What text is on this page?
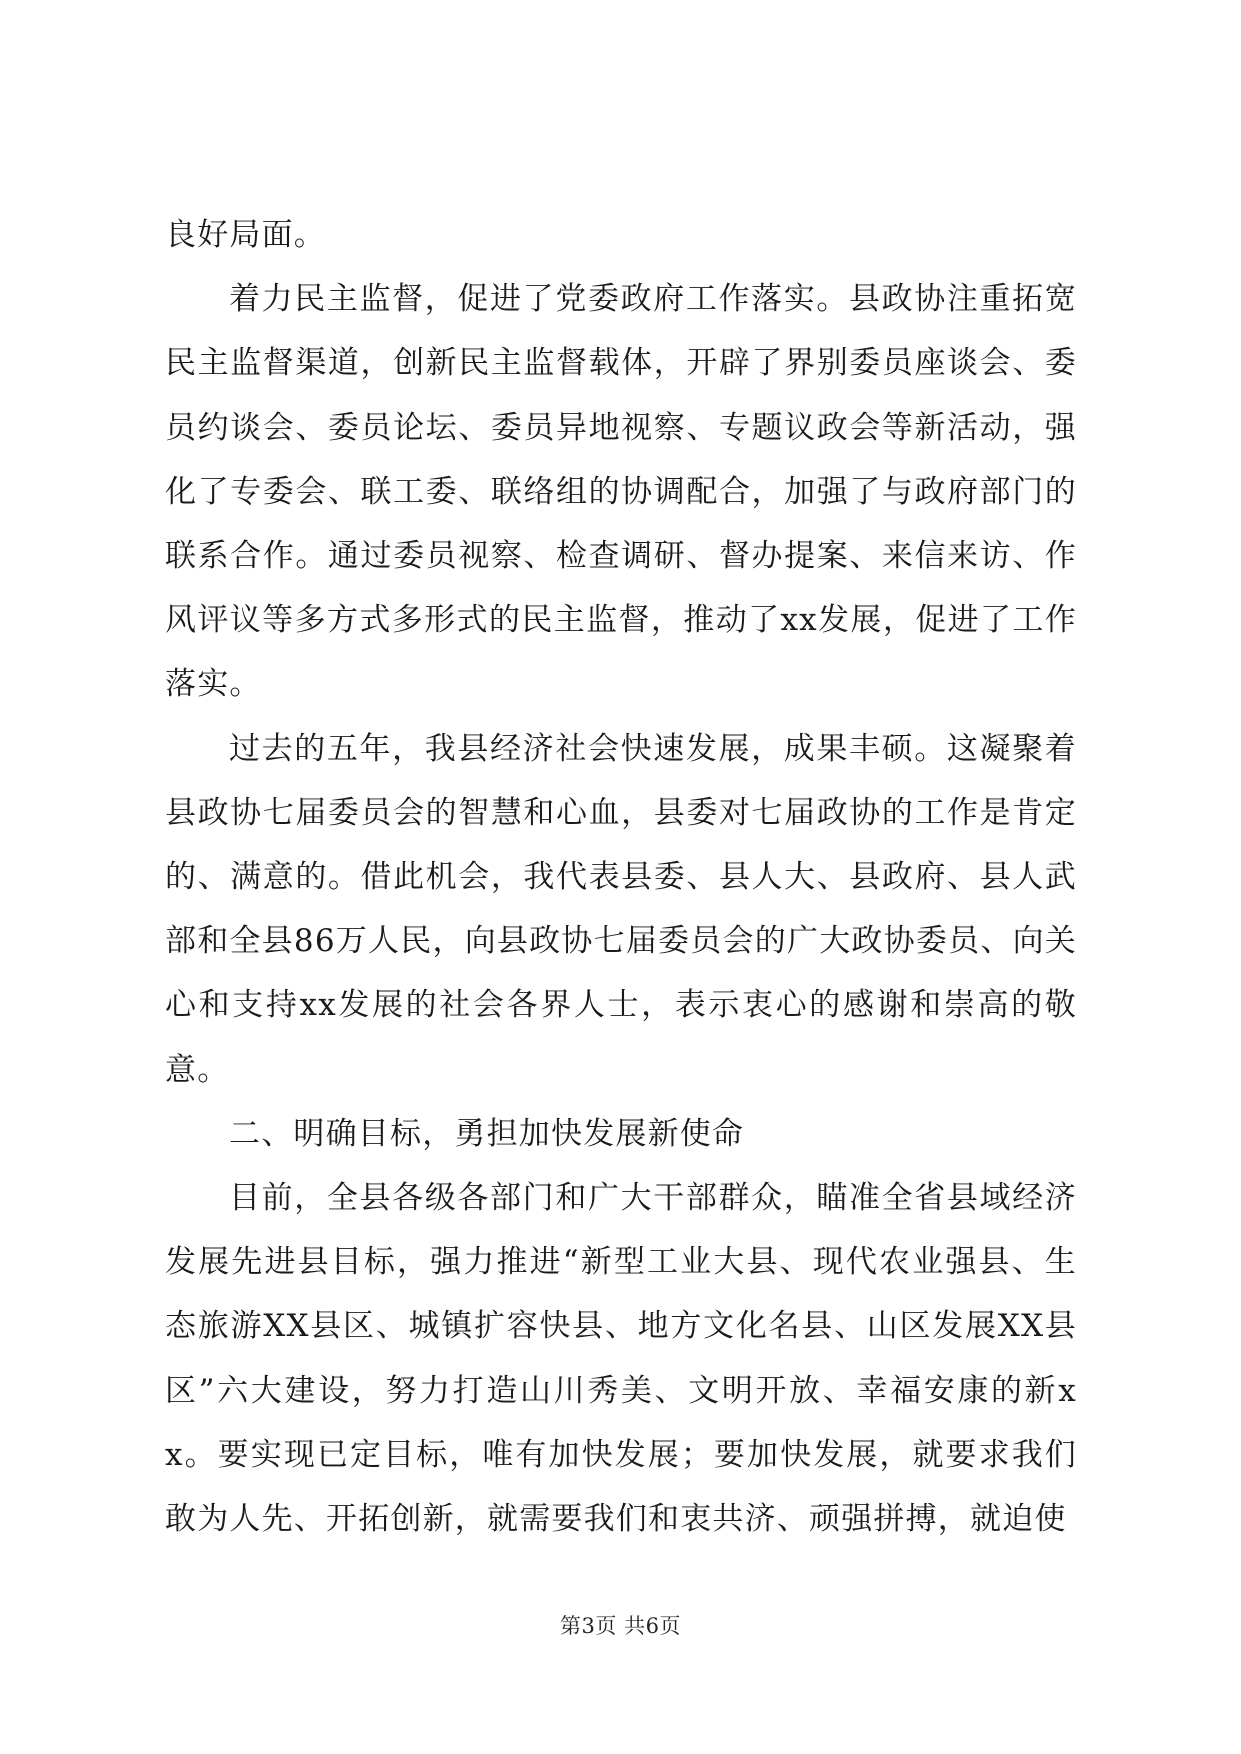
良好局面。

着力民主监督，促进了党委政府工作落实。县政协注重拓宽民主监督渠道，创新民主监督载体，开辟了界别委员座谈会、委员约谈会、委员论坛、委员异地视察、专题议政会等新活动，强化了专委会、联工委、联络组的协调配合，加强了与政府部门的联系合作。通过委员视察、检查调研、督办提案、来信来访、作风评议等多方式多形式的民主监督，推动了xx发展，促进了工作落实。

过去的五年，我县经济社会快速发展，成果丰硕。这凝聚着县政协七届委员会的智慧和心血，县委对七届政协的工作是肯定的、满意的。借此机会，我代表县委、县人大、县政府、县人武部和全县86万人民，向县政协七届委员会的广大政协委员、向关心和支持xx发展的社会各界人士，表示衷心的感谢和崇高的敬意。

二、明确目标，勇担加快发展新使命

目前，全县各级各部门和广大干部群众，瞄准全省县域经济发展先进县目标，强力推进“新型工业大县、现代农业强县、生态旅游XX县区、城镇扩容快县、地方文化名县、山区发展XX县区”六大建设，努力打造山川秀美、文明开放、幸福安康的新xx。要实现已定目标，唯有加快发展；要加快发展，就要求我们敢为人先、开拓创新，就需要我们和衷共济、顽强拼搏，就迫使

第3页 共6页
